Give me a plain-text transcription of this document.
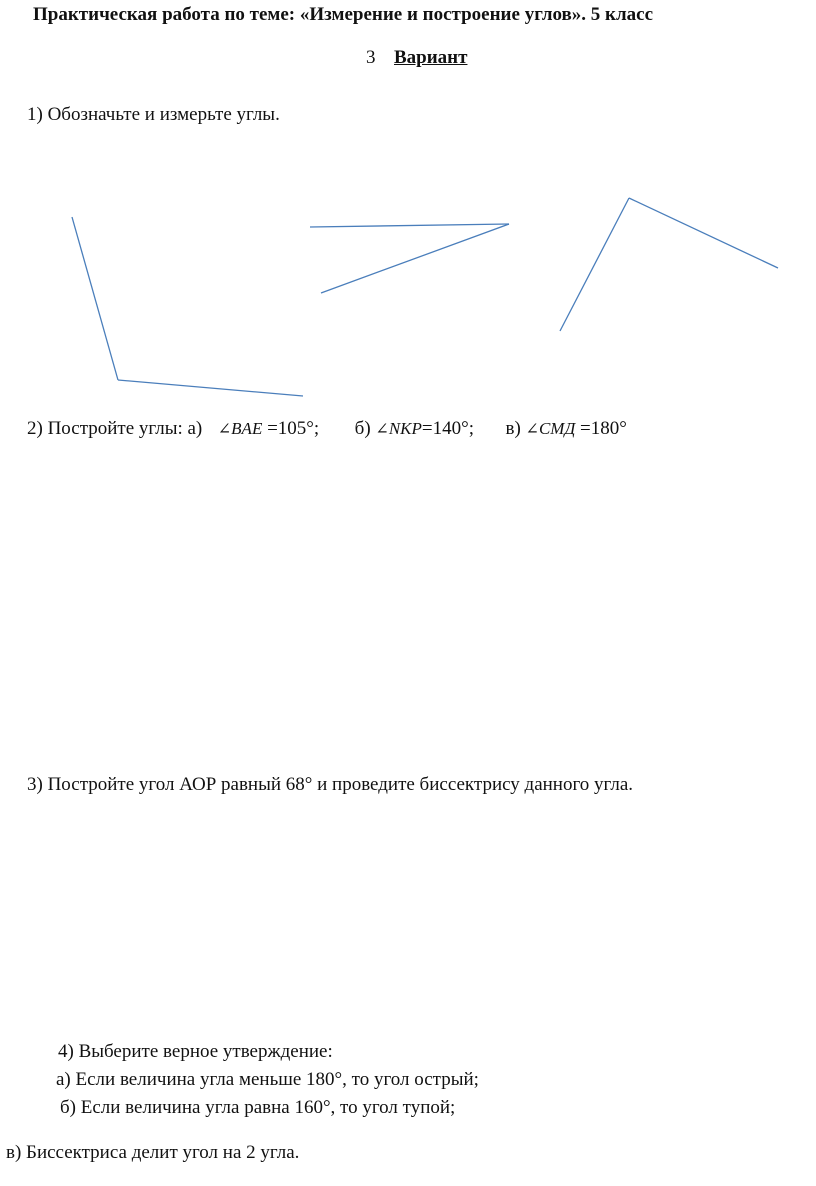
Практическая работа по теме: «Измерение и построение углов». 5 класс
3 Вариант
1) Обозначьте и измерьте углы.
2) Постройте углы: а) ∠BAE =105°; б) ∠NKP=140°; в) ∠СМД =180°
3) Постройте угол АОР равный 68° и проведите биссектрису данного угла.
4) Выберите верное утверждение:
а) Если величина угла меньше 180°, то угол острый;
б) Если величина угла равна 160°, то угол тупой;
в) Биссектриса делит угол на 2 угла.
